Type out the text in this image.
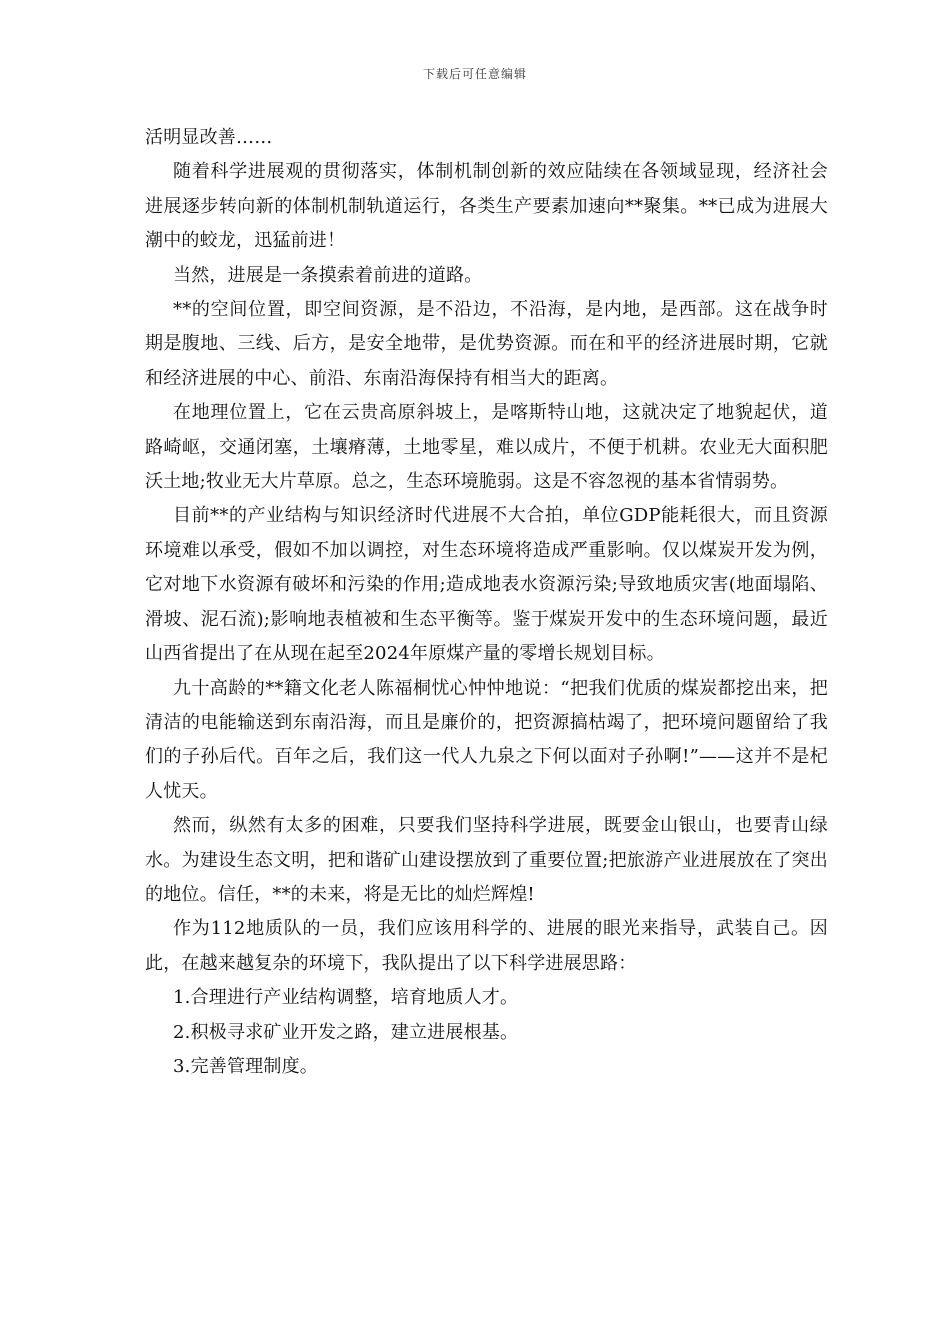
下载后可任意编辑

活明显改善……

随着科学进展观的贯彻落实，体制机制创新的效应陆续在各领域显现，经济社会进展逐步转向新的体制机制轨道运行，各类生产要素加速向**聚集。**已成为进展大潮中的蛟龙，迅猛前进！

当然，进展是一条摸索着前进的道路。

**的空间位置，即空间资源，是不沿边，不沿海，是内地，是西部。这在战争时期是腹地、三线、后方，是安全地带，是优势资源。而在和平的经济进展时期，它就和经济进展的中心、前沿、东南沿海保持有相当大的距离。

在地理位置上，它在云贵高原斜坡上，是喀斯特山地，这就决定了地貌起伏，道路崎岖，交通闭塞，土壤瘠薄，土地零星，难以成片，不便于机耕。农业无大面积肥沃土地;牧业无大片草原。总之，生态环境脆弱。这是不容忽视的基本省情弱势。

目前**的产业结构与知识经济时代进展不大合拍，单位GDP能耗很大，而且资源环境难以承受，假如不加以调控，对生态环境将造成严重影响。仅以煤炭开发为例，它对地下水资源有破坏和污染的作用;造成地表水资源污染;导致地质灾害(地面塌陷、滑坡、泥石流);影响地表植被和生态平衡等。鉴于煤炭开发中的生态环境问题，最近山西省提出了在从现在起至2024年原煤产量的零增长规划目标。

九十高龄的**籍文化老人陈福桐忧心忡忡地说：“把我们优质的煤炭都挖出来，把清洁的电能输送到东南沿海，而且是廉价的，把资源搞枯竭了，把环境问题留给了我们的子孙后代。百年之后，我们这一代人九泉之下何以面对子孙啊!”——这并不是杞人忧天。

然而，纵然有太多的困难，只要我们坚持科学进展，既要金山银山，也要青山绿水。为建设生态文明，把和谐矿山建设摆放到了重要位置;把旅游产业进展放在了突出的地位。信任，**的未来，将是无比的灿烂辉煌!

作为112地质队的一员，我们应该用科学的、进展的眼光来指导，武装自己。因此，在越来越复杂的环境下，我队提出了以下科学进展思路：

1.合理进行产业结构调整，培育地质人才。

2.积极寻求矿业开发之路，建立进展根基。

3.完善管理制度。
